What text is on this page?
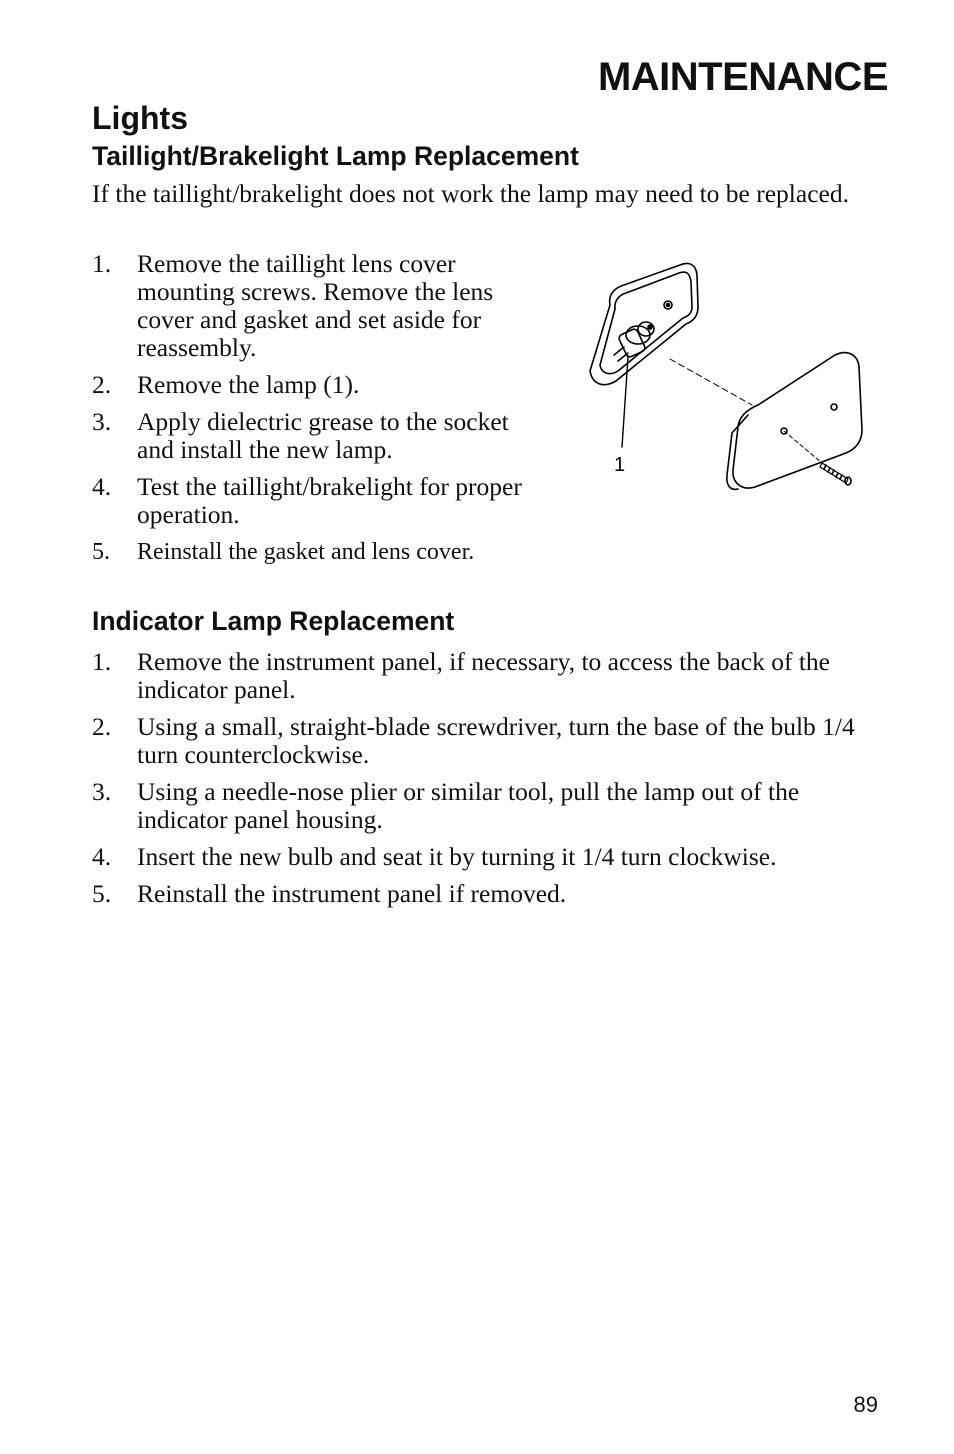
MAINTENANCE
Lights
Taillight/Brakelight Lamp Replacement

If the taillight/brakelight does not work the lamp may need to be replaced.

1. Remove the taillight lens cover mounting screws. Remove the lens cover and gasket and set aside for reassembly.
2. Remove the lamp (1).
3. Apply dielectric grease to the socket and install the new lamp.
4. Test the taillight/brakelight for proper operation.
5. Reinstall the gasket and lens cover.
1
Indicator Lamp Replacement
1. Remove the instrument panel, if necessary, to access the back of the indicator panel.
2. Using a small, straight-blade screwdriver, turn the base of the bulb 1/4 turn counterclockwise.
3. Using a needle-nose plier or similar tool, pull the lamp out of the indicator panel housing.
4. Insert the new bulb and seat it by turning it 1/4 turn clockwise.
5. Reinstall the instrument panel if removed.
89
